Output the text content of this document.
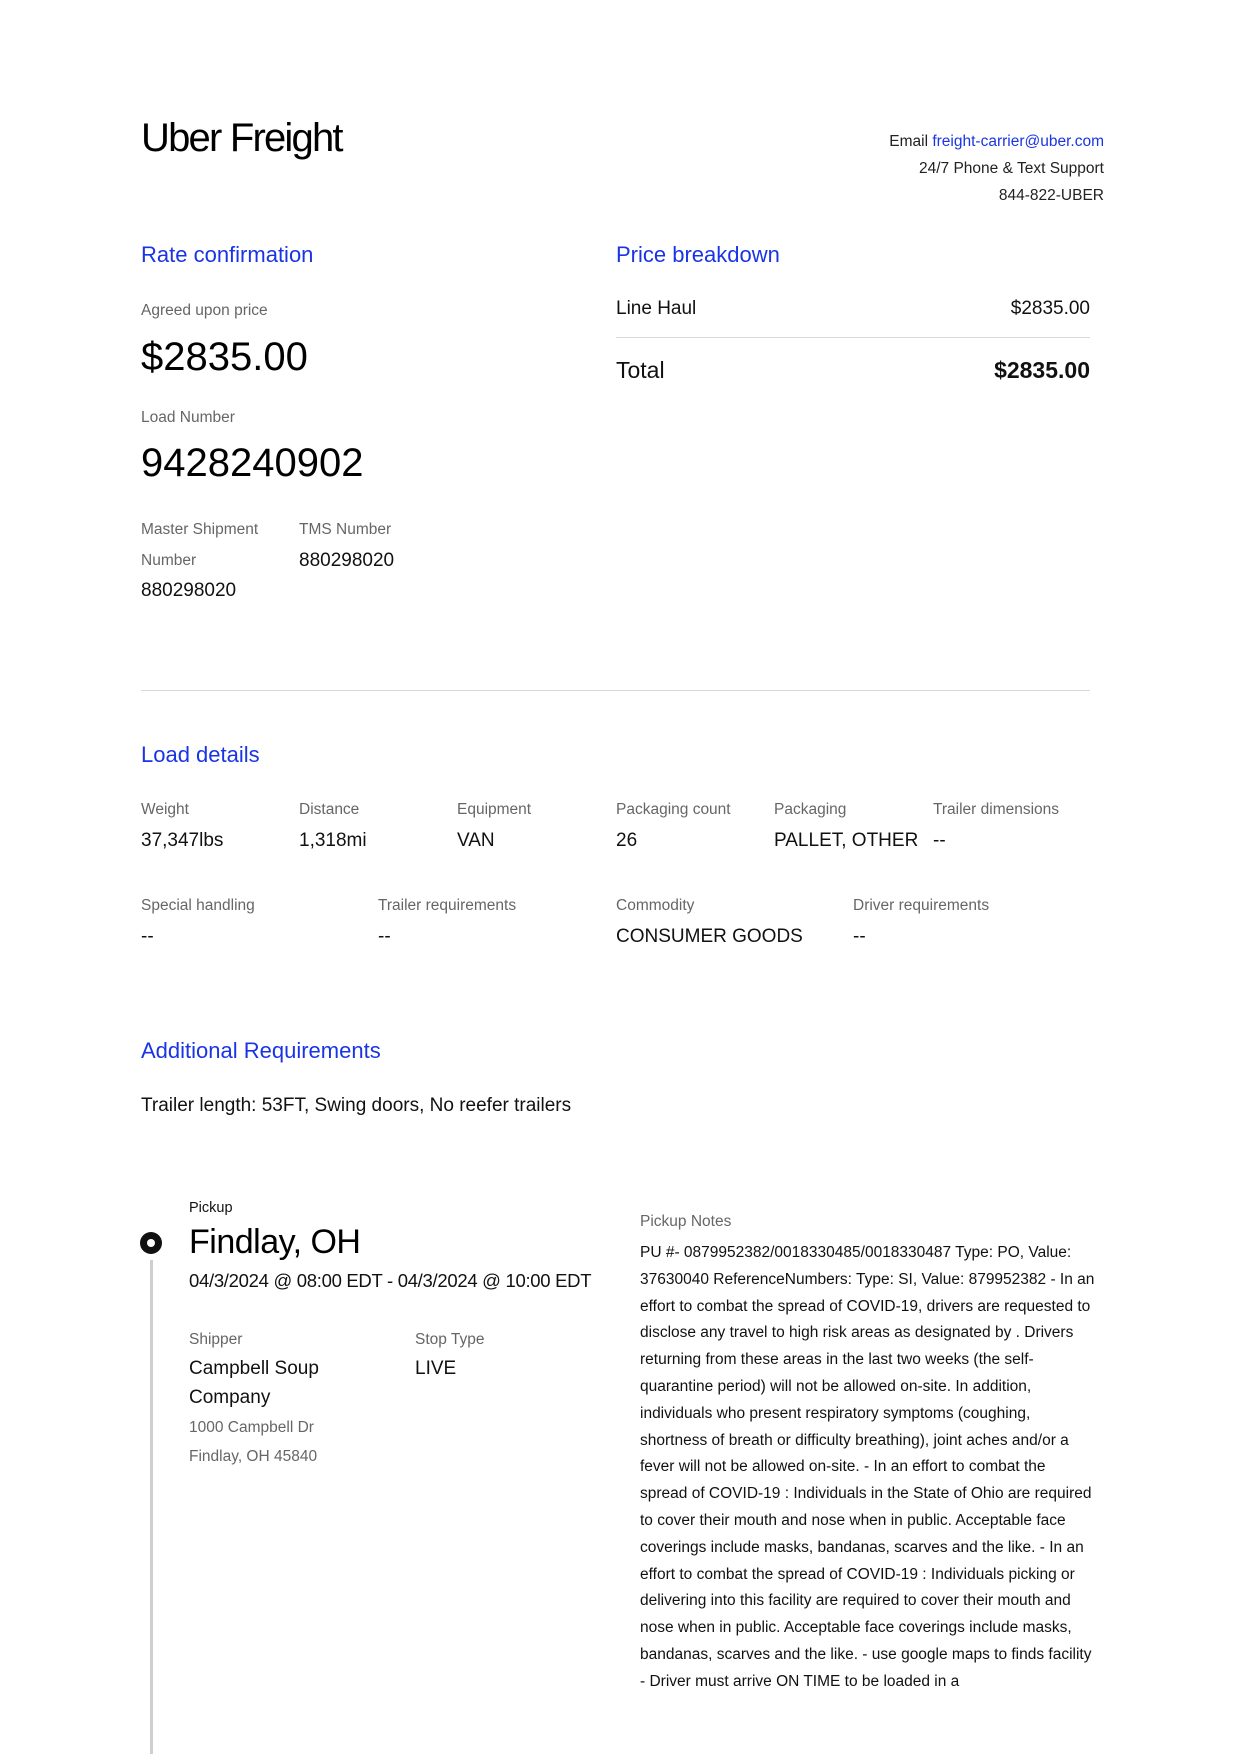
Uber Freight	Email freight-carrier@uber.com
24/7 Phone & Text Support
844-822-UBER
Rate confirmation
Agreed upon price
$2835.00
Load Number
9428240902
Master Shipment
Number
880298020
TMS Number
880298020
Price breakdown
Line Haul	$2835.00
Total	$2835.00
Load details
Weight
37,347lbs
Distance
1,318mi
Equipment
VAN
Packaging count
26
Packaging
PALLET, OTHER
Trailer dimensions
--
Special handling
--
Trailer requirements
--
Commodity
CONSUMER GOODS
Driver requirements
--
Additional Requirements
Trailer length: 53FT, Swing doors, No reefer trailers
Pickup
Findlay, OH
04/3/2024 @ 08:00 EDT - 04/3/2024 @ 10:00 EDT
Shipper
Campbell Soup
Company
1000 Campbell Dr
Findlay, OH 45840
Stop Type
LIVE
Pickup Notes
PU #- 0879952382/0018330485/0018330487 Type: PO, Value: 37630040 ReferenceNumbers: Type: SI, Value: 879952382 - In an effort to combat the spread of COVID-19, drivers are requested to disclose any travel to high risk areas as designated by . Drivers returning from these areas in the last two weeks (the self-quarantine period) will not be allowed on-site. In addition, individuals who present respiratory symptoms (coughing, shortness of breath or difficulty breathing), joint aches and/or a fever will not be allowed on-site. - In an effort to combat the spread of COVID-19 : Individuals in the State of Ohio are required to cover their mouth and nose when in public. Acceptable face coverings include masks, bandanas, scarves and the like. - In an effort to combat the spread of COVID-19 : Individuals picking or delivering into this facility are required to cover their mouth and nose when in public. Acceptable face coverings include masks, bandanas, scarves and the like. - use google maps to finds facility - Driver must arrive ON TIME to be loaded in a
